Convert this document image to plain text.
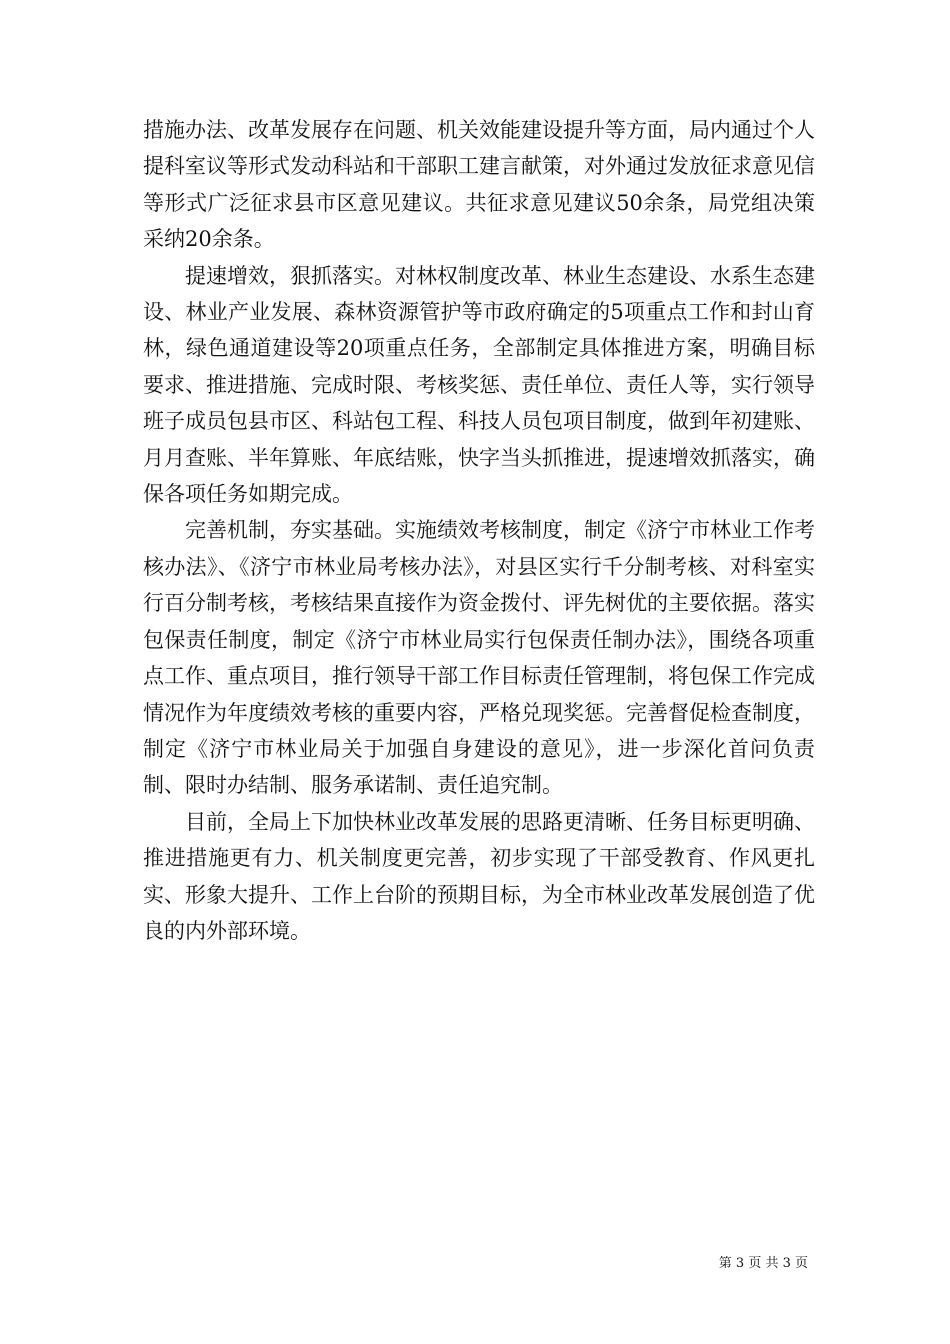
措施办法、改革发展存在问题、机关效能建设提升等方面，局内通过个人提科室议等形式发动科站和干部职工建言献策，对外通过发放征求意见信等形式广泛征求县市区意见建议。共征求意见建议50余条，局党组决策采纳20余条。

提速增效，狠抓落实。对林权制度改革、林业生态建设、水系生态建设、林业产业发展、森林资源管护等市政府确定的5项重点工作和封山育林，绿色通道建设等20项重点任务，全部制定具体推进方案，明确目标要求、推进措施、完成时限、考核奖惩、责任单位、责任人等，实行领导班子成员包县市区、科站包工程、科技人员包项目制度，做到年初建账、月月查账、半年算账、年底结账，快字当头抓推进，提速增效抓落实，确保各项任务如期完成。

完善机制，夯实基础。实施绩效考核制度，制定《济宁市林业工作考核办法》、《济宁市林业局考核办法》，对县区实行千分制考核、对科室实行百分制考核，考核结果直接作为资金拨付、评先树优的主要依据。落实包保责任制度，制定《济宁市林业局实行包保责任制办法》，围绕各项重点工作、重点项目，推行领导干部工作目标责任管理制，将包保工作完成情况作为年度绩效考核的重要内容，严格兑现奖惩。完善督促检查制度，制定《济宁市林业局关于加强自身建设的意见》，进一步深化首问负责制、限时办结制、服务承诺制、责任追究制。

目前，全局上下加快林业改革发展的思路更清晰、任务目标更明确、推进措施更有力、机关制度更完善，初步实现了干部受教育、作风更扎实、形象大提升、工作上台阶的预期目标，为全市林业改革发展创造了优良的内外部环境。

第 3 页 共 3 页
